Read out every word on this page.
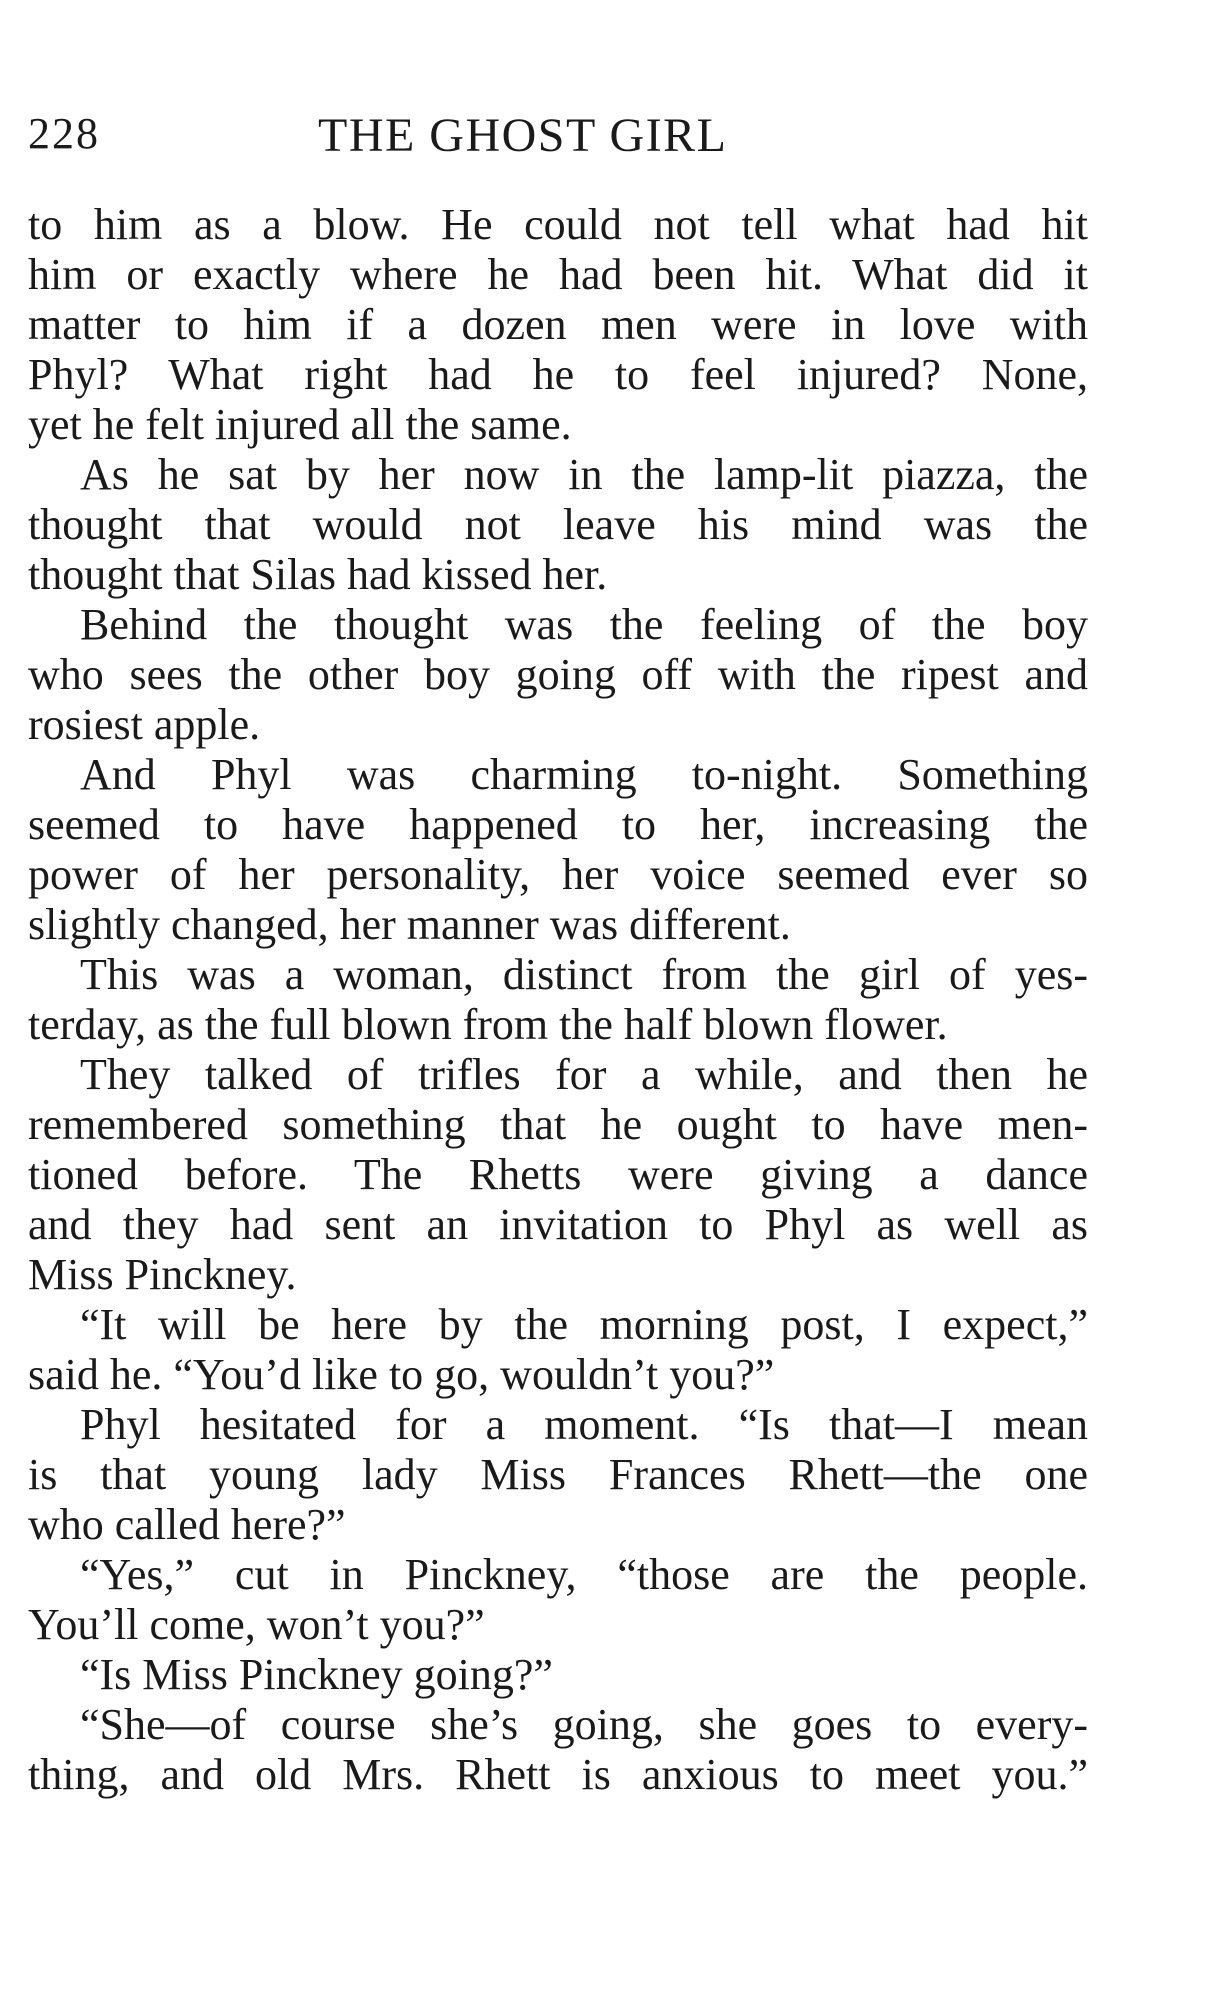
228	THE GHOST GIRL
to him as a blow. He could not tell what had hit
him or exactly where he had been hit. What did it
matter to him if a dozen men were in love with
Phyl? What right had he to feel injured? None,
yet he felt injured all the same.
As he sat by her now in the lamp-lit piazza, the
thought that would not leave his mind was the
thought that Silas had kissed her.
Behind the thought was the feeling of the boy
who sees the other boy going off with the ripest and
rosiest apple.
And Phyl was charming to-night. Something
seemed to have happened to her, increasing the
power of her personality, her voice seemed ever so
slightly changed, her manner was different.
This was a woman, distinct from the girl of yes-
terday, as the full blown from the half blown flower.
They talked of trifles for a while, and then he
remembered something that he ought to have men-
tioned before. The Rhetts were giving a dance
and they had sent an invitation to Phyl as well as
Miss Pinckney.
“It will be here by the morning post, I expect,”
said he. “You’d like to go, wouldn’t you?”
Phyl hesitated for a moment. “Is that—I mean
is that young lady Miss Frances Rhett—the one
who called here?”
“Yes,” cut in Pinckney, “those are the people.
You’ll come, won’t you?”
“Is Miss Pinckney going?”
“She—of course she’s going, she goes to every-
thing, and old Mrs. Rhett is anxious to meet you.”
